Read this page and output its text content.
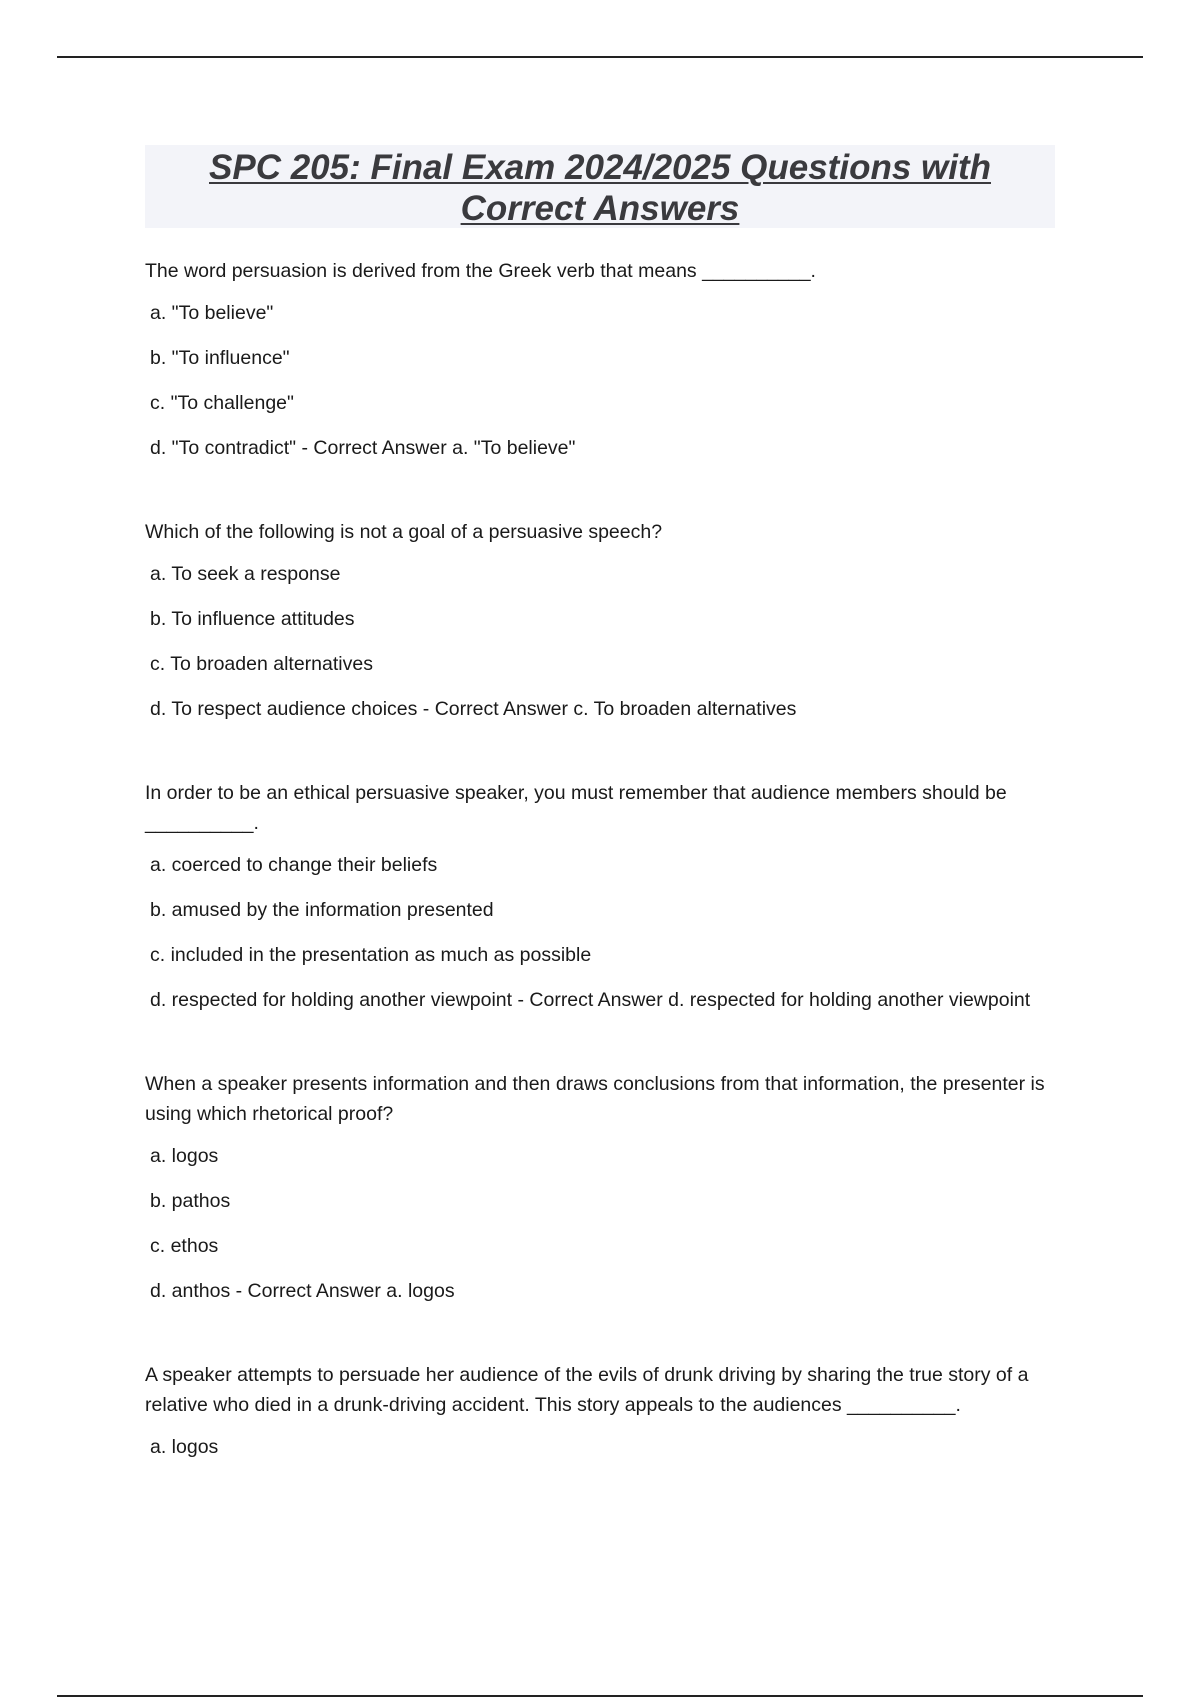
SPC 205: Final Exam 2024/2025 Questions with
Correct Answers

The word persuasion is derived from the Greek verb that means __________.

a. "To believe"
b. "To influence"
c. "To challenge"
d. "To contradict" - Correct Answer a. "To believe"

Which of the following is not a goal of a persuasive speech?

a. To seek a response
b. To influence attitudes
c. To broaden alternatives
d. To respect audience choices - Correct Answer c. To broaden alternatives

In order to be an ethical persuasive speaker, you must remember that audience members should be __________.

a. coerced to change their beliefs
b. amused by the information presented
c. included in the presentation as much as possible
d. respected for holding another viewpoint - Correct Answer d. respected for holding another viewpoint

When a speaker presents information and then draws conclusions from that information, the presenter is using which rhetorical proof?

a. logos
b. pathos
c. ethos
d. anthos - Correct Answer a. logos

A speaker attempts to persuade her audience of the evils of drunk driving by sharing the true story of a relative who died in a drunk-driving accident. This story appeals to the audiences __________.

a. logos
